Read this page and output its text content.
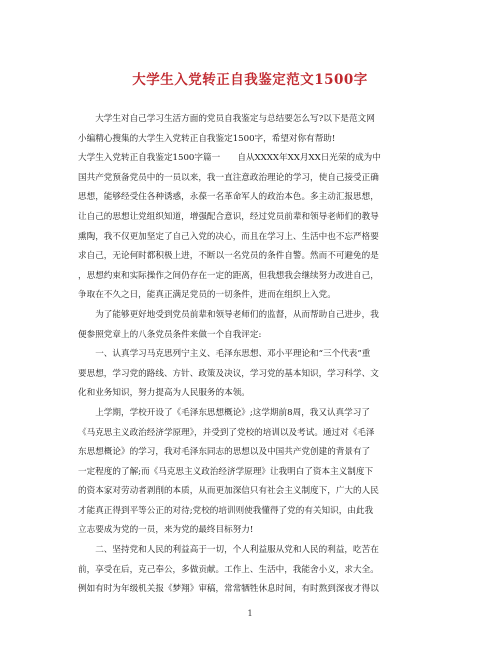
大学生入党转正自我鉴定范文1500字
　　大学生对自己学习生活方面的党员自我鉴定与总结要怎么写?以下是范文网
小编精心搜集的大学生入党转正自我鉴定1500字，希望对你有帮助!
大学生入党转正自我鉴定1500字篇一　　自从XXXX年XX月XX日光荣的成为中
国共产党预备党员中的一员以来，我一直注意政治理论的学习，使自己接受正确
思想，能够经受住各种诱惑，永葆一名革命军人的政治本色。多主动汇报思想，
让自己的思想让党组织知道，增强配合意识，经过党员前辈和领导老师们的教导
熏陶，我不仅更加坚定了自己入党的决心，而且在学习上、生活中也不忘严格要
求自己，无论何时都积极上进，不断以一名党员的条件自警。然而不可避免的是
，思想约束和实际操作之间仍存在一定的距离，但我想我会继续努力改进自己，
争取在不久之日，能真正满足党员的一切条件，进而在组织上入党。
　　为了能够更好地受到党员前辈和领导老师们的监督，从而帮助自己进步，我
便参照党章上的八条党员条件来做一个自我评定:
　　一、认真学习马克思列宁主义、毛泽东思想、邓小平理论和“三个代表”重
要思想，学习党的路线、方针、政策及决议，学习党的基本知识，学习科学、文
化和业务知识，努力提高为人民服务的本领。
　　上学期，学校开设了《毛泽东思想概论》;这学期前8周，我又认真学习了
《马克思主义政治经济学原理》，并受到了党校的培训以及考试。通过对《毛泽
东思想概论》的学习，我对毛泽东同志的思想以及中国共产党创建的背景有了
一定程度的了解;而《马克思主义政治经济学原理》让我明白了资本主义制度下
的资本家对劳动者剥削的本质，从而更加深信只有社会主义制度下，广大的人民
才能真正得到平等公正的对待;党校的培训则使我懂得了党的有关知识，由此我
立志要成为党的一员，来为党的最终目标努力!
　　二、坚持党和人民的利益高于一切，个人利益服从党和人民的利益，吃苦在
前，享受在后，克己奉公，多做贡献。工作上、生活中，我能舍小义，求大全。
例如有时为年级机关报《梦翔》审稿，常常牺牲休息时间，有时熬到深夜才得以
1
